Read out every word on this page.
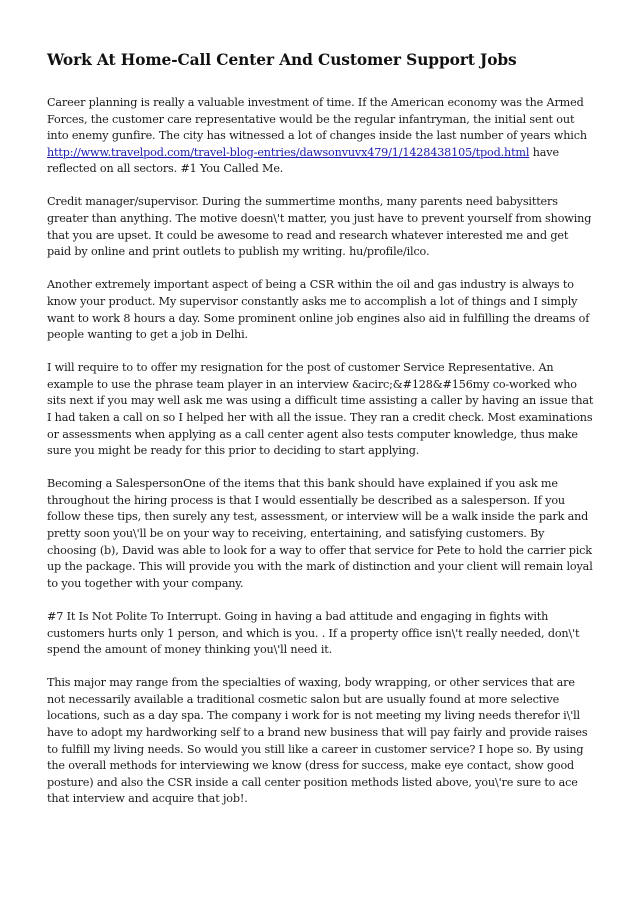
Work At Home-Call Center And Customer Support Jobs

Career planning is really a valuable investment of time. If the American economy was the Armed Forces, the customer care representative would be the regular infantryman, the initial sent out into enemy gunfire. The city has witnessed a lot of changes inside the last number of years which http://www.travelpod.com/travel-blog-entries/dawsonvuvx479/1/1428438105/tpod.html have reflected on all sectors. #1 You Called Me.

Credit manager/supervisor. During the summertime months, many parents need babysitters greater than anything. The motive doesn\'t matter, you just have to prevent yourself from showing that you are upset. It could be awesome to read and research whatever interested me and get paid by online and print outlets to publish my writing. hu/profile/ilco.

Another extremely important aspect of being a CSR within the oil and gas industry is always to know your product. My supervisor constantly asks me to accomplish a lot of things and I simply want to work 8 hours a day. Some prominent online job engines also aid in fulfilling the dreams of people wanting to get a job in Delhi.

I will require to to offer my resignation for the post of customer Service Representative. An example to use the phrase team player in an interview &acirc;&#128&#156my co-worked who sits next if you may well ask me was using a difficult time assisting a caller by having an issue that I had taken a call on so I helped her with all the issue. They ran a credit check. Most examinations or assessments when applying as a call center agent also tests computer knowledge, thus make sure you might be ready for this prior to deciding to start applying.

Becoming a SalespersonOne of the items that this bank should have explained if you ask me throughout the hiring process is that I would essentially be described as a salesperson. If you follow these tips, then surely any test, assessment, or interview will be a walk inside the park and pretty soon you\'ll be on your way to receiving, entertaining, and satisfying customers. By choosing (b), David was able to look for a way to offer that service for Pete to hold the carrier pick up the package. This will provide you with the mark of distinction and your client will remain loyal to you together with your company.

#7 It Is Not Polite To Interrupt. Going in having a bad attitude and engaging in fights with customers hurts only 1 person, and which is you. . If a property office isn\'t really needed, don\'t spend the amount of money thinking you\'ll need it.

This major may range from the specialties of waxing, body wrapping, or other services that are not necessarily available a traditional cosmetic salon but are usually found at more selective locations, such as a day spa. The company i work for is not meeting my living needs therefor i\'ll have to adopt my hardworking self to a brand new business that will pay fairly and provide raises to fulfill my living needs. So would you still like a career in customer service? I hope so. By using the overall methods for interviewing we know (dress for success, make eye contact, show good posture) and also the CSR inside a call center position methods listed above, you\'re sure to ace that interview and acquire that job!.
